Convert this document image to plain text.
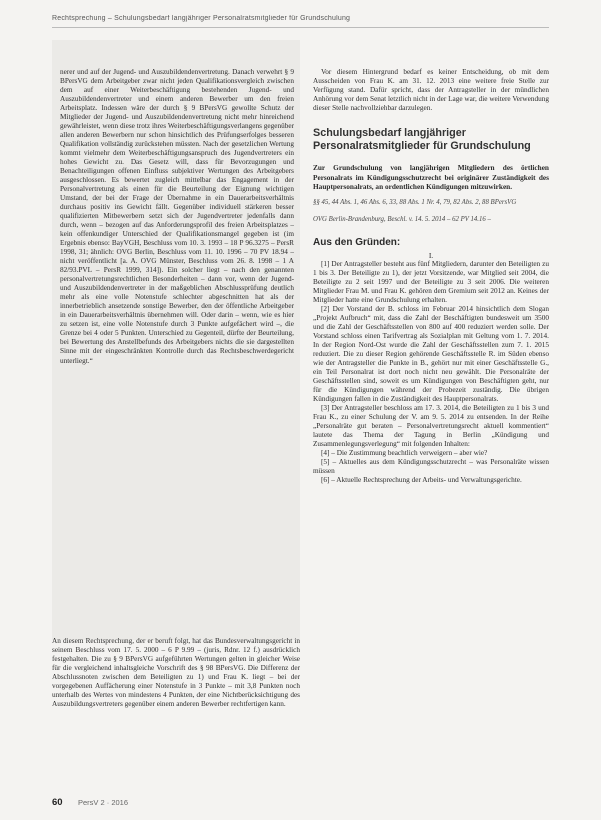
Rechtsprechung – Schulungsbedarf langjähriger Personalratsmitglieder für Grundschulung

nerer und auf der Jugend- und Auszubildendenvertretung. Danach verwehrt § 9 BPersVG dem Arbeitgeber zwar nicht jeden Qualifikationsvergleich zwischen dem auf einer Weiterbeschäftigung bestehenden Jugend- und Auszubildendenvertreter und einem anderen Bewerber um den freien Arbeitsplatz. Indessen wäre der durch § 9 BPersVG gewollte Schutz der Mitglieder der Jugend- und Auszubildendenvertretung nicht mehr hinreichend gewährleistet, wenn diese trotz ihres Weiterbeschäftigungsverlangens gegenüber allen anderen Bewerbern nur schon hinsichtlich des Prüfungserfolges besseren Qualifikation vollständig zurückstehen müssten. Nach der gesetzlichen Wertung kommt vielmehr dem Weiterbeschäftigungsanspruch des Jugendvertreters ein hohes Gewicht zu. Das Gesetz will, dass für Bevorzugungen und Benachteiligungen offenen Einfluss subjektiver Wertungen des Arbeitgebers ausgeschlossen. Es bewertet zugleich mittelbar das Engagement in der Personalvertretung als einen für die Beurteilung der Eignung wichtigen Umstand, der bei der Frage der Übernahme in ein Dauerarbeitsverhältnis durchaus positiv ins Gewicht fällt. Gegenüber individuell stärkeren besser qualifizierten Mitbewerbern setzt sich der Jugendvertreter jedenfalls dann durch, wenn – bezogen auf das Anforderungsprofil des freien Arbeitsplatzes – kein offenkundiger Unterschied der Qualifikationsmangel gegeben ist (im Ergebnis ebenso: BayVGH, Beschluss vom 10. 3. 1993 – 18 P 96.3275 – PersR 1998, 31; ähnlich: OVG Berlin, Beschluss vom 11. 10. 1996 – 70 PV 18.94 – nicht veröffentlicht [a. A. OVG Münster, Beschluss vom 26. 8. 1998 – 1 A 82/93.PVL – PersR 1999, 314]). Ein solcher liegt – nach den genannten personalvertretungsrechtlichen Besonderheiten – dann vor, wenn der Jugend- und Auszubildendenvertreter in der maßgeblichen Abschlussprüfung deutlich mehr als eine volle Notenstufe schlechter abgeschnitten hat als der innerbetrieblich ansetzende sonstige Bewerber, den der öffentliche Arbeitgeber in ein Dauerarbeitsverhältnis übernehmen will. Oder darin – wenn, wie es hier zu setzen ist, eine volle Notenstufe durch 3 Punkte aufgefächert wird –, die Grenze bei 4 oder 5 Punkten. Unterschied zu Gegenteil, dürfte der Beurteilung, bei Bewertung des Anstellbefunds des Arbeitgebers nichts die sie dargestellten Sinne mit der eingeschränkten Kontrolle durch das Rechtsbeschwerdegericht unterliegt.“

An diesem Rechtsprechung, der er beruft folgt, hat das Bundesverwaltungsgericht in seinem Beschluss vom 17. 5. 2000 – 6 P 9.99 – (juris, Rdnr. 12 f.) ausdrücklich festgehalten. Die zu § 9 BPersVG aufgeführten Wertungen gelten in gleicher Weise für die vergleichend inhaltsgleiche Vorschrift des § 98 BPersVG. Die Differenz der Abschlussnoten zwischen dem Beteiligten zu 1) und Frau K. liegt – bei der vorgegebenen Auffächerung einer Notenstufe in 3 Punkte – mit 3,8 Punkten noch unterhalb des Wertes von mindestens 4 Punkten, der eine Nichtberücksichtigung des Auszubildungsvertreters gegenüber einem anderen Bewerber rechtfertigen kann.

Vor diesem Hintergrund bedarf es keiner Entscheidung, ob mit dem Ausscheiden von Frau K. am 31. 12. 2013 eine weitere freie Stelle zur Verfügung stand. Dafür spricht, dass der Antragsteller in der mündlichen Anhörung vor dem Senat letztlich nicht in der Lage war, die weitere Verwendung dieser Stelle nachvollziehbar darzulegen.

Schulungsbedarf langjähriger Personalratsmitglieder für Grundschulung

Zur Grundschulung von langjährigen Mitgliedern des örtlichen Personalrats im Kündigungsschutzrecht bei originärer Zuständigkeit des Hauptpersonalrats, an ordentlichen Kündigungen mitzuwirken.

§§ 45, 44 Abs. 1, 46 Abs. 6, 33, 88 Abs. 1 Nr. 4, 79, 82 Abs. 2, 88 BPersVG

OVG Berlin-Brandenburg, Beschl. v. 14. 5. 2014 – 62 PV 14.16 –

Aus den Gründen:
I.

[1] Der Antragsteller besteht aus fünf Mitgliedern, darunter den Beteiligten zu 1 bis 3. Der Beteiligte zu 1), der jetzt Vorsitzende, war Mitglied seit 2004, die Beteiligte zu 2 seit 1997 und der Beteiligte zu 3 seit 2006. Die weiteren Mitglieder Frau M. und Frau K. gehören dem Gremium seit 2012 an. Keines der Mitglieder hatte eine Grundschulung erhalten.

[2] Der Vorstand der B. schloss im Februar 2014 hinsichtlich dem Slogan „Projekt Aufbruch“ mit, dass die Zahl der Beschäftigten bundesweit um 3500 und die Zahl der Geschäftsstellen von 800 auf 400 reduziert werden solle. Der Vorstand schloss einen Tarifvertrag als Sozialplan mit Geltung vom 1. 7. 2014. In der Region Nord-Ost wurde die Zahl der Geschäftsstellen zum 7. 1. 2015 reduziert. Die zu dieser Region gehörende Geschäftsstelle R. im Süden ebenso wie der Antragsteller die Punkte in B., gehört nur mit einer Geschäftsstelle G., ein Teil Personalrat ist dort noch nicht neu gewählt. Die Personalräte der Geschäftsstellen sind, soweit es um Kündigungen von Beschäftigten geht, nur für die Kündigungen während der Probezeit zuständig. Die übrigen Kündigungen fallen in die Zuständigkeit des Hauptpersonalrats.

[3] Der Antragsteller beschloss am 17. 3. 2014, die Beteiligten zu 1 bis 3 und Frau K., zu einer Schulung der V. am 9. 5. 2014 zu entsenden. In der Reihe „Personalräte gut beraten – Personalvertretungsrecht aktuell kommentiert“ lautete das Thema der Tagung in Berlin „Kündigung und Zusammenlegungsverlegung“ mit folgenden Inhalten:

[4] – Die Zustimmung beachtlich verweigern – aber wie?

[5] – Aktuelles aus dem Kündigungsschutzrecht – was Personalräte wissen müssen

[6] – Aktuelle Rechtsprechung der Arbeits- und Verwaltungsgerichte.

60 PersV 2 · 2016
